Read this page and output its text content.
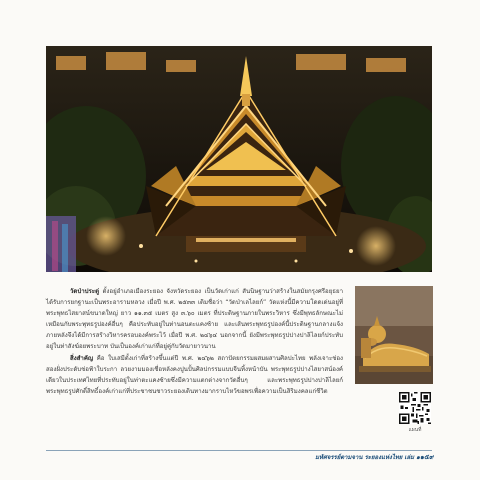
วัดป่าประดู่ ตั้งอยู่อำเภอเมืองระยอง จังหวัดระยอง เป็นวัดเก่าแก่ สันนิษฐานว่าสร้างในสมัยกรุงศรีอยุธยา ได้รับการยกฐานะเป็นพระอารามหลวง เมื่อปี พ.ศ. ๒๕๓๓ เดิมชื่อว่า “วัดป่าเลไลยก์” วัดแห่งนี้มีความโดดเด่นอยู่ที่พระพุทธไสยาสน์ขนาดใหญ่ ยาว ๑๑.๓๕ เมตร สูง ๓.๖๐ เมตร ที่ประดิษฐานภายในพระวิหาร ซึ่งมีพุทธลักษณะไม่เหมือนกับพระพุทธรูปองค์อื่นๆ คือประทับอยู่ในท่านอนตะแคงซ้าย และเส้นพระพุทธรูปองค์นี้ประดิษฐานกลางแจ้ง ภายหลังจึงได้มีการสร้างวิหารครอบองค์พระไว้ เมื่อปี พ.ศ. ๒๔๖๔ นอกจากนี้ ยังมีพระพุทธรูปปางปาลิไลยก์ประทับอยู่ในท่าสังฆ์อยพระบาท บันเป็นองค์เก่าแก่ที่อยู่คู่กับวัดมายาวนาน

สิ่งสำคัญ คือ ใบเสมีตั้งเก่าที่สร้างขึ้นแต่ปี พ.ศ. ๒๔๖๒ สถาปัตยกรรมผสมผสานศิลปะไทย พลังเจาะช่องสองฝั่งประดับช่อฟ้าใบระกา ลวยงามมองเชื่อหลังคงปูนปั้นศิลปกรรมแบบจีนทิ้งหน้าบัน พระพุทธรูปปางไสยาสน์องค์เดียวในประเทศไทยที่ประทับอยู่ในท่าตะแคงซ้ายซึ่งมีความแตกต่างจากวัดอื่นๆ และพระพุทธรูปปางปาลิไลยก์ พระพุทธรูปศักดิ์สิทธิ์องค์เก่าแก่ที่ประชาชนชาวระยองเดินทางมากราบไหว้ขอพรเพื่อความเป็นสิริมงคลแก่ชีวิต

แผนที่
มหัศจรรย์ตามจาน ระยองแห่งไทย เล่ม ๑ ๑๕๙
